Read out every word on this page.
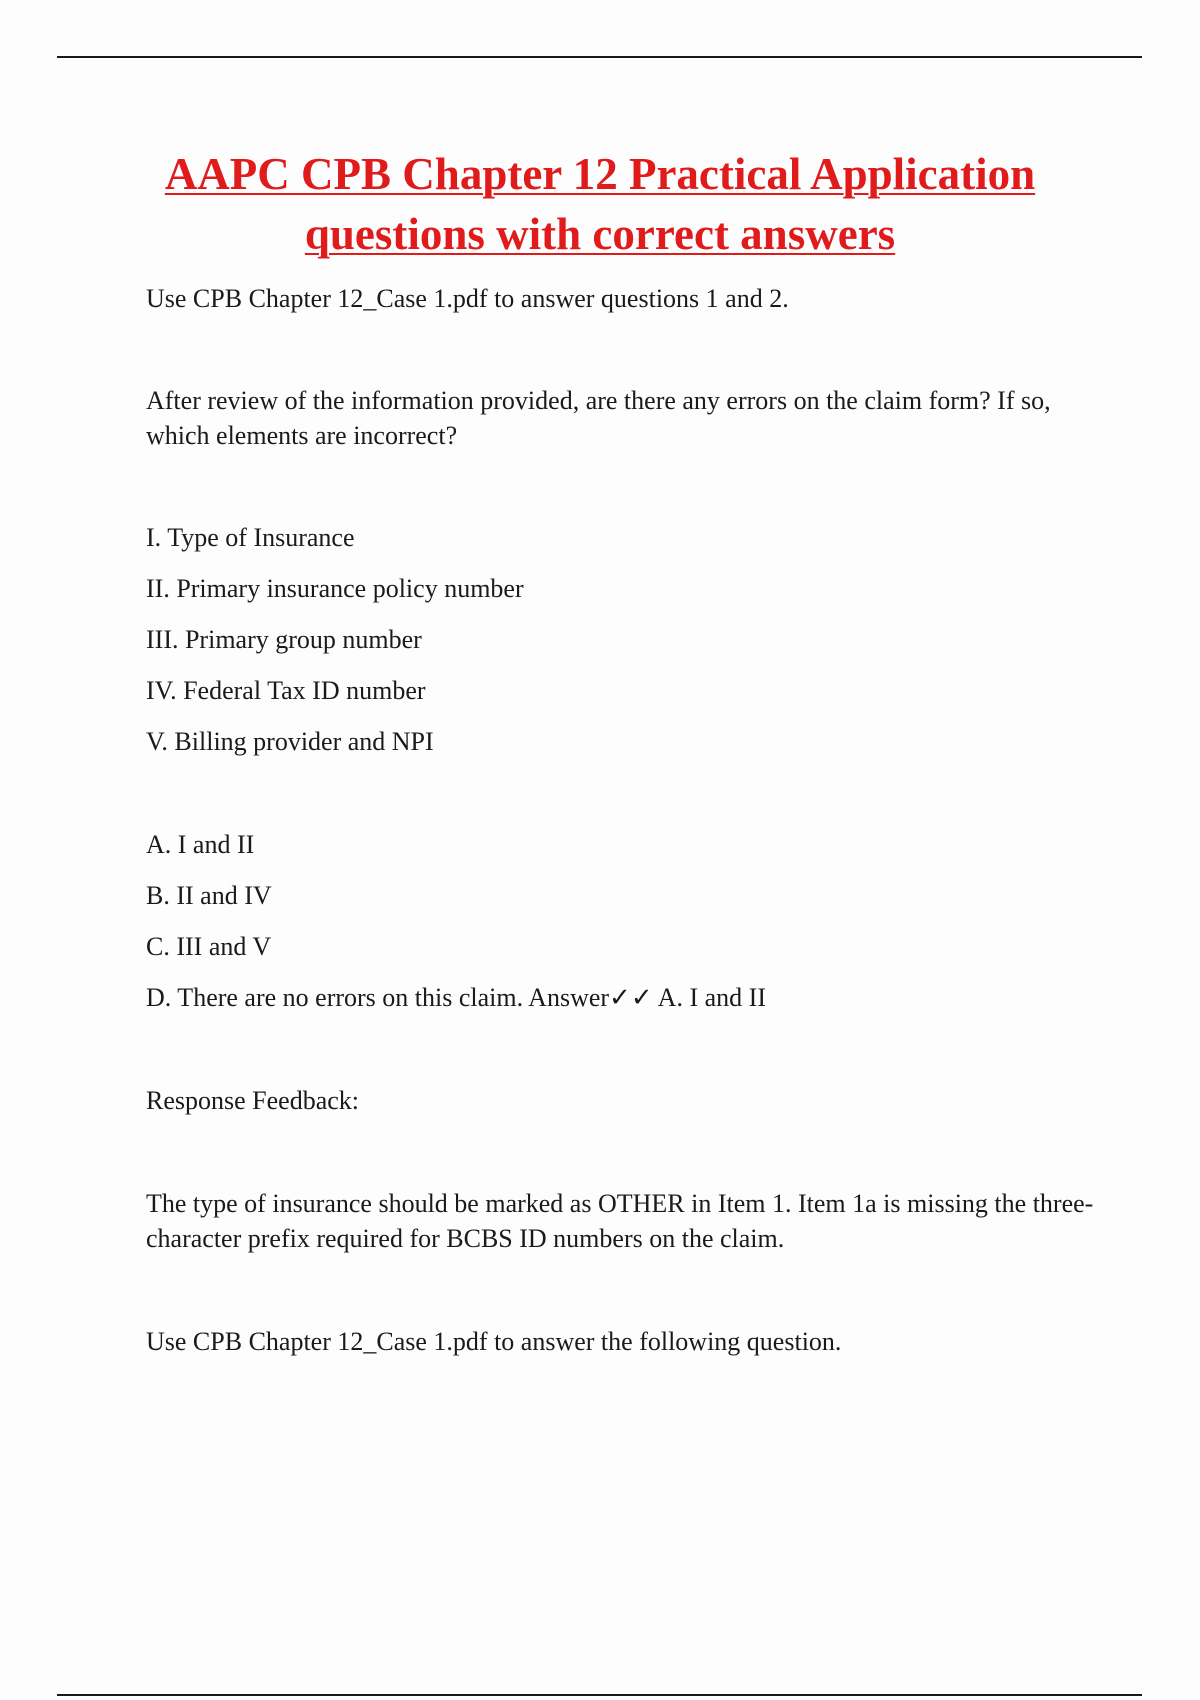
AAPC CPB Chapter 12 Practical Application
questions with correct answers

Use CPB Chapter 12_Case 1.pdf to answer questions 1 and 2.

After review of the information provided, are there any errors on the claim form? If so, which elements are incorrect?

I. Type of Insurance

II. Primary insurance policy number

III. Primary group number

IV. Federal Tax ID number

V. Billing provider and NPI

A. I and II

B. II and IV

C. III and V

D. There are no errors on this claim. Answer✓✓ A. I and II

Response Feedback:

The type of insurance should be marked as OTHER in Item 1. Item 1a is missing the three-character prefix required for BCBS ID numbers on the claim.

Use CPB Chapter 12_Case 1.pdf to answer the following question.
